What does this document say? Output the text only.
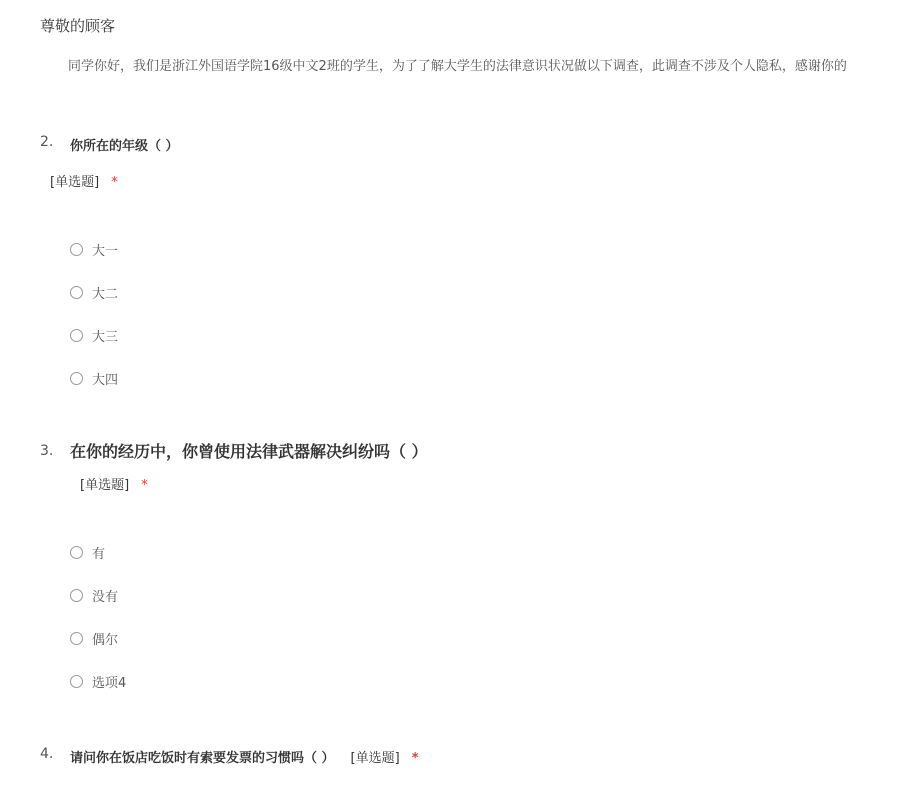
尊敬的顾客
同学你好，我们是浙江外国语学院16级中文2班的学生，为了了解大学生的法律意识状况做以下调查，此调查不涉及个人隐私，感谢你的
2. 你所在的年级（ ）
[单选题] *
大一
大二
大三
大四
3. 在你的经历中，你曾使用法律武器解决纠纷吗（ ）
[单选题] *
有
没有
偶尔
选项4
4. 请问你在饭店吃饭时有索要发票的习惯吗（ ） [单选题] *
